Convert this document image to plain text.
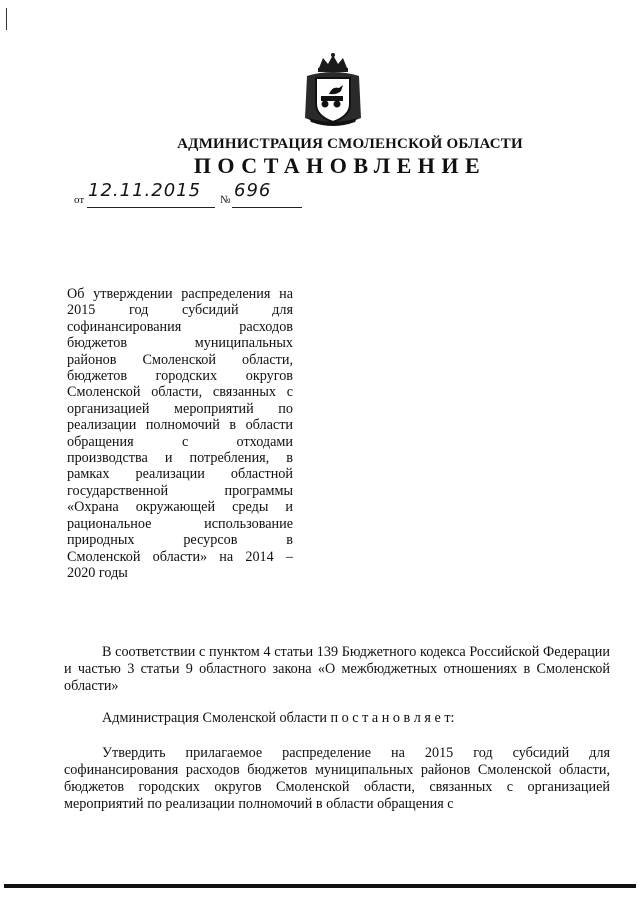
АДМИНИСТРАЦИЯ СМОЛЕНСКОЙ ОБЛАСТИ
ПОСТАНОВЛЕНИЕ
от 12.11.2015 № 696
Об утверждении распределения на
2015 год субсидий для
софинансирования расходов
бюджетов муниципальных
районов Смоленской области,
бюджетов городских округов
Смоленской области, связанных с
организацией мероприятий по
реализации полномочий в области
обращения с отходами
производства и потребления, в
рамках реализации областной
государственной программы
«Охрана окружающей среды и
рациональное использование
природных ресурсов в
Смоленской области» на 2014 –
2020 годы
В соответствии с пунктом 4 статьи 139 Бюджетного кодекса Российской Федерации и частью 3 статьи 9 областного закона «О межбюджетных отношениях в Смоленской области»
Администрация Смоленской области п о с т а н о в л я е т:
Утвердить прилагаемое распределение на 2015 год субсидий для софинансирования расходов бюджетов муниципальных районов Смоленской области, бюджетов городских округов Смоленской области, связанных с организацией мероприятий по реализации полномочий в области обращения с
